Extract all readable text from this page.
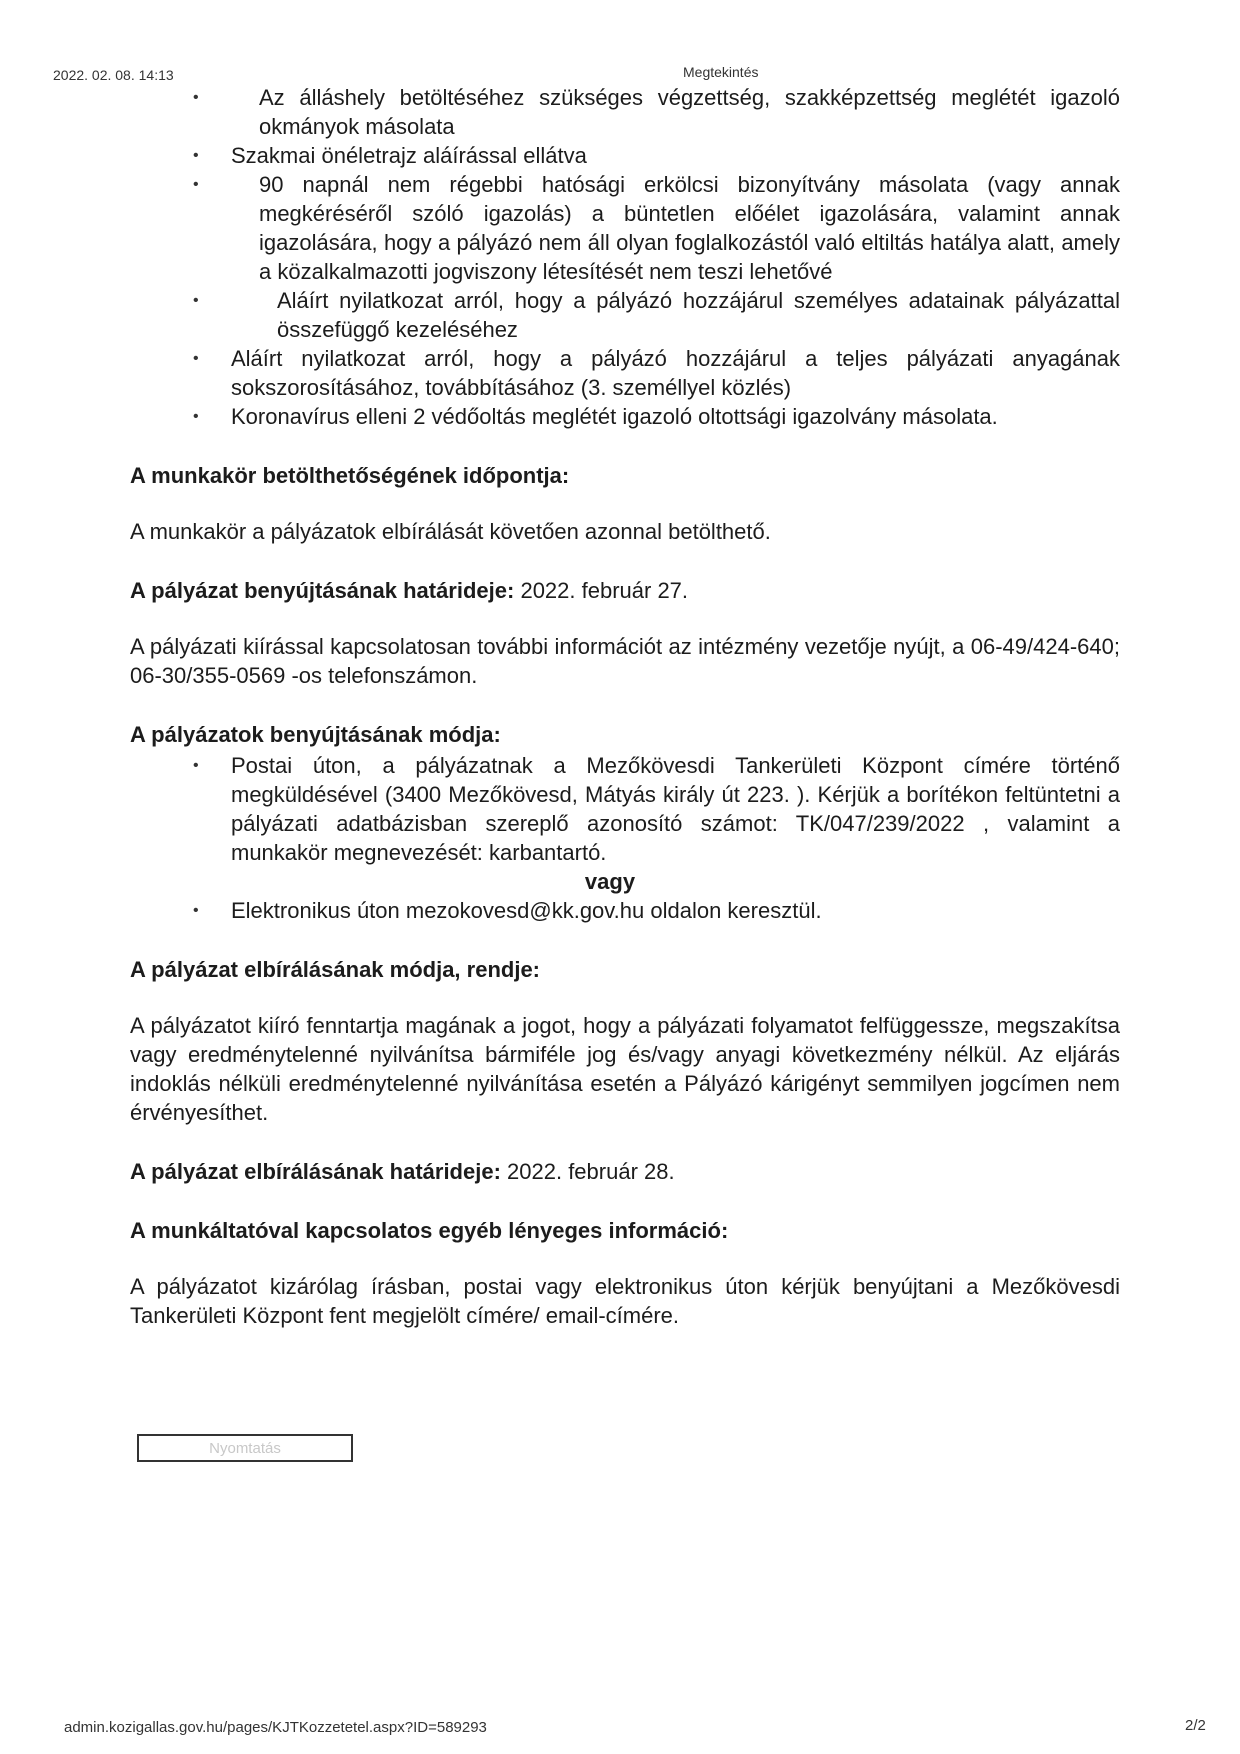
2022. 02. 08. 14:13	Megtekintés
• Az álláshely betöltéséhez szükséges végzettség, szakképzettség meglétét igazoló okmányok másolata
• Szakmai önéletrajz aláírással ellátva
• 90 napnál nem régebbi hatósági erkölcsi bizonyítvány másolata (vagy annak megkéréséről szóló igazolás) a büntetlen előélet igazolására, valamint annak igazolására, hogy a pályázó nem áll olyan foglalkozástól való eltiltás hatálya alatt, amely a közalkalmazotti jogviszony létesítését nem teszi lehetővé
• Aláírt nyilatkozat arról, hogy a pályázó hozzájárul személyes adatainak pályázattal összefüggő kezeléséhez
• Aláírt nyilatkozat arról, hogy a pályázó hozzájárul a teljes pályázati anyagának sokszorosításához, továbbításához (3. személlyel közlés)
• Koronavírus elleni 2 védőoltás meglétét igazoló oltottsági igazolvány másolata.
A munkakör betölthetőségének időpontja:

A munkakör a pályázatok elbírálását követően azonnal betölthető.

A pályázat benyújtásának határideje: 2022. február 27.

A pályázati kiírással kapcsolatosan további információt az intézmény vezetője nyújt, a 06-49/424-640; 06-30/355-0569 -os telefonszámon.

A pályázatok benyújtásának módja:
• Postai úton, a pályázatnak a Mezőkövesdi Tankerületi Központ címére történő megküldésével (3400 Mezőkövesd, Mátyás király út 223. ). Kérjük a borítékon feltüntetni a pályázati adatbázisban szereplő azonosító számot: TK/047/239/2022 , valamint a munkakör megnevezését: karbantartó.
vagy
• Elektronikus úton mezokovesd@kk.gov.hu oldalon keresztül.
A pályázat elbírálásának módja, rendje:

A pályázatot kiíró fenntartja magának a jogot, hogy a pályázati folyamatot felfüggessze, megszakítsa vagy eredménytelenné nyilvánítsa bármiféle jog és/vagy anyagi következmény nélkül. Az eljárás indoklás nélküli eredménytelenné nyilvánítása esetén a Pályázó kárigényt semmilyen jogcímen nem érvényesíthet.

A pályázat elbírálásának határideje: 2022. február 28.
A munkáltatóval kapcsolatos egyéb lényeges információ:

A pályázatot kizárólag írásban, postai vagy elektronikus úton kérjük benyújtani a Mezőkövesdi Tankerületi Központ fent megjelölt címére/ email-címére.

Nyomtatás
admin.kozigallas.gov.hu/pages/KJTKozzetetel.aspx?ID=589293	2/2
